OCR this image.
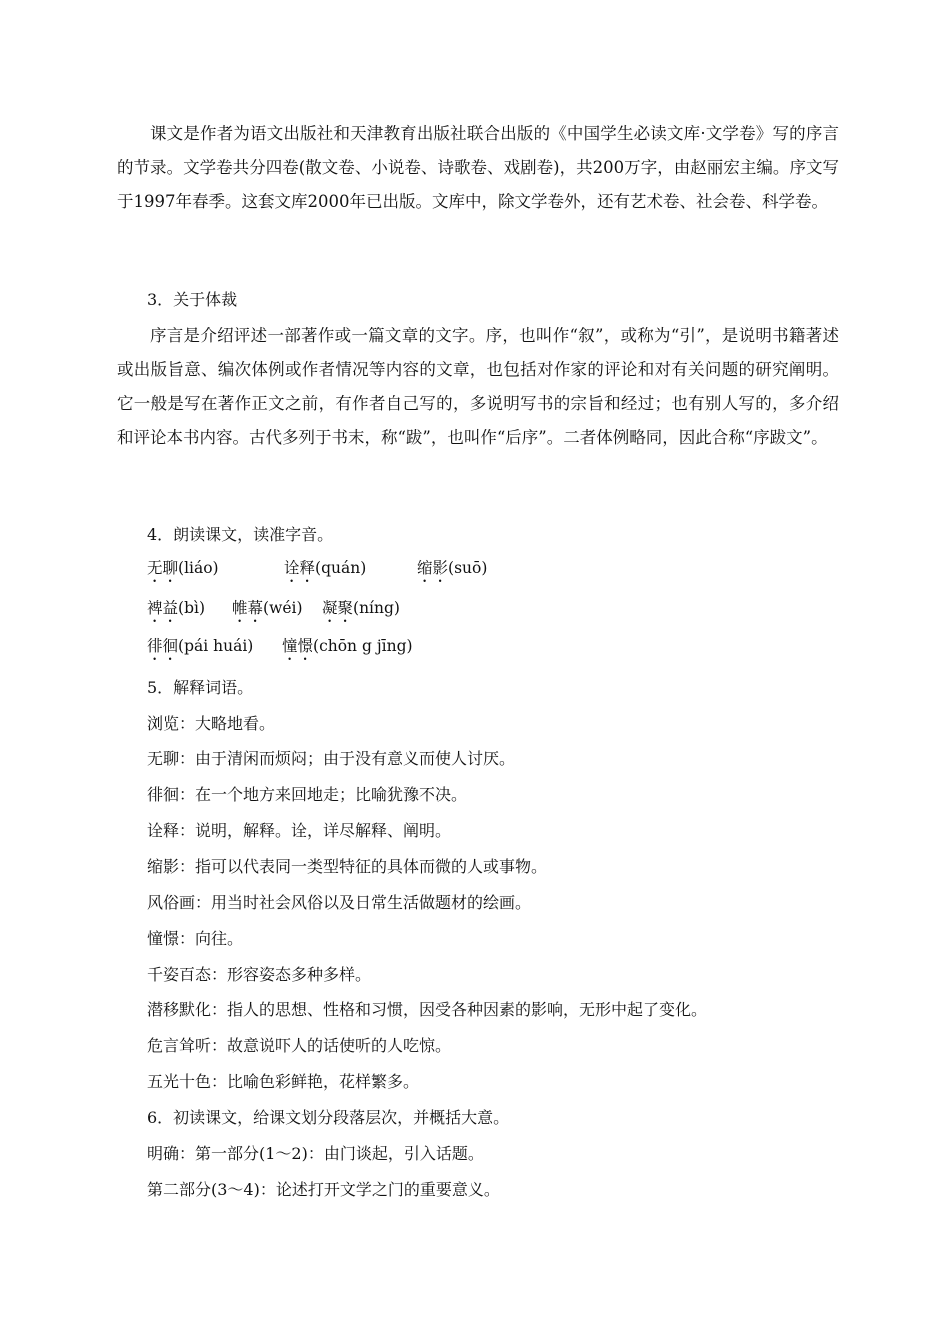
课文是作者为语文出版社和天津教育出版社联合出版的《中国学生必读文库·文学卷》写的序言的节录。文学卷共分四卷(散文卷、小说卷、诗歌卷、戏剧卷)，共200万字，由赵丽宏主编。序文写于1997年春季。这套文库2000年已出版。文库中，除文学卷外，还有艺术卷、社会卷、科学卷。

3．关于体裁

序言是介绍评述一部著作或一篇文章的文字。序，也叫作“叙”，或称为“引”，是说明书籍著述或出版旨意、编次体例或作者情况等内容的文章，也包括对作家的评论和对有关问题的研究阐明。它一般是写在著作正文之前，有作者自己写的，多说明写书的宗旨和经过；也有别人写的，多介绍和评论本书内容。古代多列于书末，称“跋”，也叫作“后序”。二者体例略同，因此合称“序跋文”。

4．朗读课文，读准字音。

无聊(liáo)	诠释(quán)	缩影(suō)
裨益(bì) 帷幕(wéi) 凝聚(níng)
徘徊(pái huái) 憧憬(chōn g jīng)

5．解释词语。

浏览：大略地看。

无聊：由于清闲而烦闷；由于没有意义而使人讨厌。

徘徊：在一个地方来回地走；比喻犹豫不决。

诠释：说明，解释。诠，详尽解释、阐明。

缩影：指可以代表同一类型特征的具体而微的人或事物。

风俗画：用当时社会风俗以及日常生活做题材的绘画。

憧憬：向往。

千姿百态：形容姿态多种多样。

潜移默化：指人的思想、性格和习惯，因受各种因素的影响，无形中起了变化。

危言耸听：故意说吓人的话使听的人吃惊。

五光十色：比喻色彩鲜艳，花样繁多。

6．初读课文，给课文划分段落层次，并概括大意。

明确：第一部分(1～2)：由门谈起，引入话题。

第二部分(3～4)：论述打开文学之门的重要意义。
